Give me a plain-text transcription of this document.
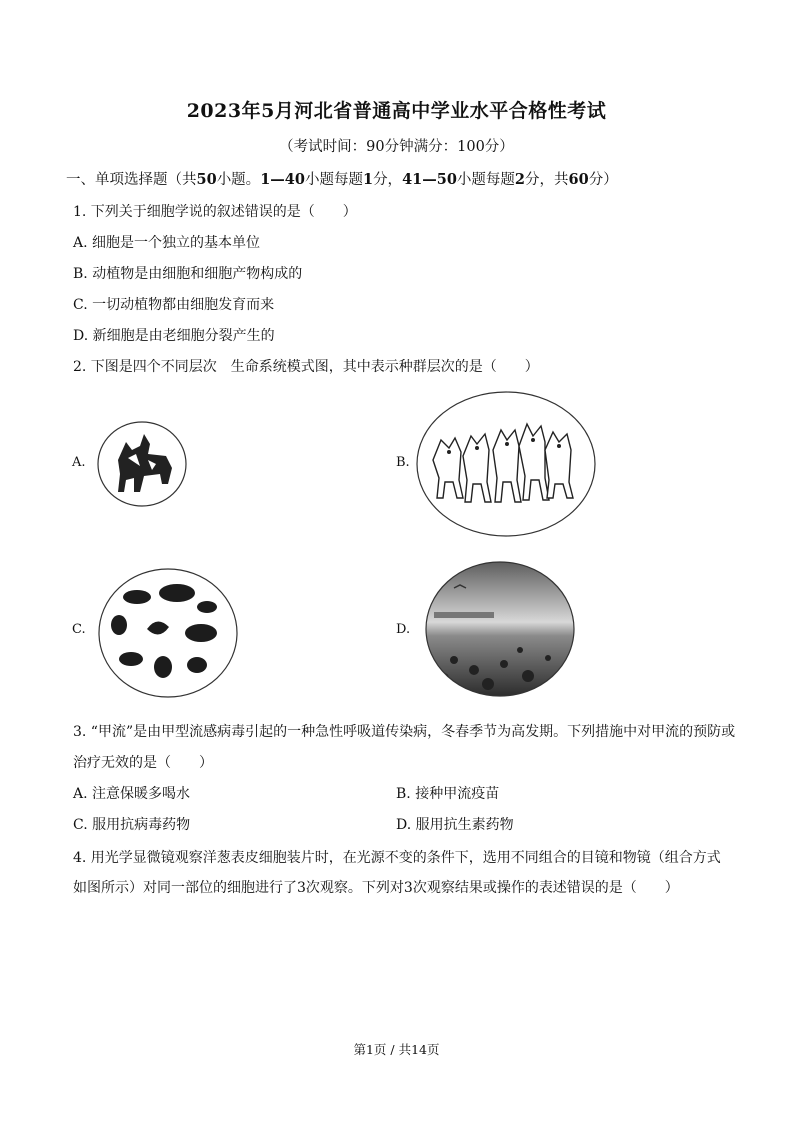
2023年5月河北省普通高中学业水平合格性考试
（考试时间：90分钟满分：100分）
一、单项选择题（共50小题。1—40小题每题1分，41—50小题每题2分，共60分）
1. 下列关于细胞学说的叙述错误的是（　　）
A. 细胞是一个独立的基本单位
B. 动植物是由细胞和细胞产物构成的
C. 一切动植物都由细胞发育而来
D. 新细胞是由老细胞分裂产生的
2. 下图是四个不同层次　生命系统模式图，其中表示种群层次的是（　　）
A.	B.
C.	D.
3. “甲流”是由甲型流感病毒引起的一种急性呼吸道传染病，冬春季节为高发期。下列措施中对甲流的预防或
治疗无效的是（　　）
A. 注意保暖多喝水	B. 接种甲流疫苗
C. 服用抗病毒药物	D. 服用抗生素药物
4. 用光学显微镜观察洋葱表皮细胞装片时，在光源不变的条件下，选用不同组合的目镜和物镜（组合方式
如图所示）对同一部位的细胞进行了3次观察。下列对3次观察结果或操作的表述错误的是（　　）
第1页 / 共14页
